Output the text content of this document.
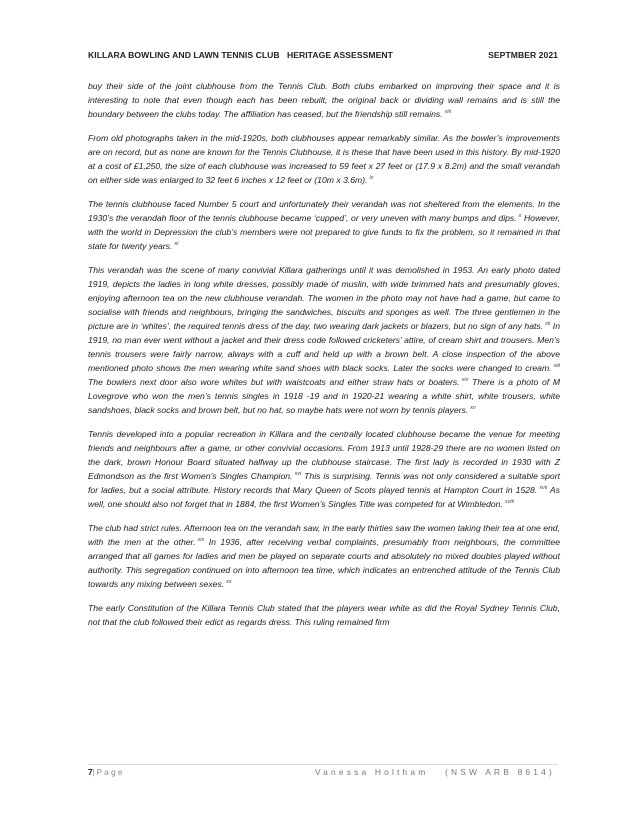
KILLARA BOWLING AND LAWN TENNIS CLUB   HERITAGE ASSESSMENT	SEPTMBER 2021

buy their side of the joint clubhouse from the Tennis Club. Both clubs embarked on improving their space and it is interesting to note that even though each has been rebuilt, the original back or dividing wall remains and is still the boundary between the clubs today. The affiliation has ceased, but the friendship still remains. $^{viii}$

From old photographs taken in the mid-1920s, both clubhouses appear remarkably similar. As the bowler’s improvements are on record, but as none are known for the Tennis Clubhouse, it is these that have been used in this history. By mid-1920 at a cost of £1,250, the size of each clubhouse was increased to 59 feet x 27 feet or (17.9 x 8.2m) and the small verandah on either side was enlarged to 32 feet 6 inches x 12 feet or (10m x 3.6m). $^{ix}$

The tennis clubhouse faced Number 5 court and unfortunately their verandah was not sheltered from the elements. In the 1930’s the verandah floor of the tennis clubhouse became ‘cupped’, or very uneven with many bumps and dips. $^x$ However, with the world in Depression the club’s members were not prepared to give funds to fix the problem, so it remained in that state for twenty years. $^{xi}$

This verandah was the scene of many convivial Killara gatherings until it was demolished in 1953. An early photo dated 1919, depicts the ladies in long white dresses, possibly made of muslin, with wide brimmed hats and presumably gloves, enjoying afternoon tea on the new clubhouse verandah. The women in the photo may not have had a game, but came to socialise with friends and neighbours, bringing the sandwiches, biscuits and sponges as well. The three gentlemen in the picture are in ‘whites’, the required tennis dress of the day, two wearing dark jackets or blazers, but no sign of any hats. $^{xii}$ In 1919, no man ever went without a jacket and their dress code followed cricketers’ attire, of cream shirt and trousers. Men’s tennis trousers were fairly narrow, always with a cuff and held up with a brown belt. A close inspection of the above mentioned photo shows the men wearing white sand shoes with black socks. Later the socks were changed to cream. $^{xiii}$ The bowlers next door also wore whites but with waistcoats and either straw hats or boaters. $^{xiv}$ There is a photo of M Lovegrove who won the men’s tennis singles in 1918 -19 and in 1920-21 wearing a white shirt, white trousers, white sandshoes, black socks and brown belt, but no hat, so maybe hats were not worn by tennis players. $^{xv}$

Tennis developed into a popular recreation in Killara and the centrally located clubhouse became the venue for meeting friends and neighbours after a game, or other convivial occasions. From 1913 until 1928-29 there are no women listed on the dark, brown Honour Board situated halfway up the clubhouse staircase. The first lady is recorded in 1930 with Z Edmondson as the first Women’s Singles Champion. $^{xvi}$ This is surprising. Tennis was not only considered a suitable sport for ladies, but a social attribute. History records that Mary Queen of Scots played tennis at Hampton Court in 1528. $^{xvii}$ As well, one should also not forget that in 1884, the first Women’s Singles Title was competed for at Wimbledon. $^{xviii}$

The club had strict rules. Afternoon tea on the verandah saw, in the early thirties saw the women taking their tea at one end, with the men at the other. $^{xix}$ In 1936, after receiving verbal complaints, presumably from neighbours, the committee arranged that all games for ladies and men be played on separate courts and absolutely no mixed doubles played without authority. This segregation continued on into afternoon tea time, which indicates an entrenched attitude of the Tennis Club towards any mixing between sexes. $^{xx}$

The early Constitution of the Killara Tennis Club stated that the players wear white as did the Royal Sydney Tennis Club, not that the club followed their edict as regards dress. This ruling remained firm

7|Page	Vanessa Holtham   (NSW ARB 8614)
